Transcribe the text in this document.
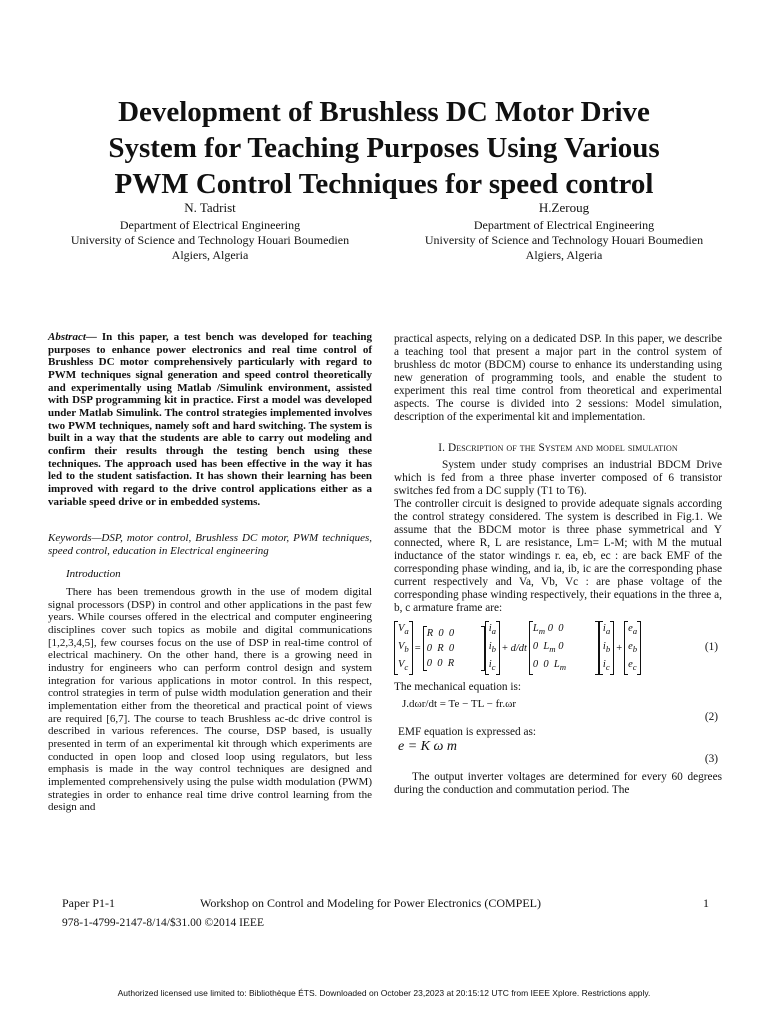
Development of Brushless DC Motor Drive
System for Teaching Purposes Using Various
PWM Control Techniques for speed control
N. Tadrist
Department of Electrical Engineering
University of Science and Technology Houari Boumedien
Algiers, Algeria
H.Zeroug
Department of Electrical Engineering
University of Science and Technology Houari Boumedien
Algiers, Algeria

Abstract— In this paper, a test bench was developed for teaching purposes to enhance power electronics and real time control of Brushless DC motor comprehensively particularly with regard to PWM techniques signal generation and speed control theoretically and experimentally using Matlab /Simulink environment, assisted with DSP programming kit in practice. First a model was developed under Matlab Simulink. The control strategies implemented involves two PWM techniques, namely soft and hard switching. The system is built in a way that the students are able to carry out modeling and confirm their results through the testing bench using these techniques. The approach used has been effective in the way it has led to the student satisfaction. It has shown their learning has been improved with regard to the drive control applications either as a variable speed drive or in embedded systems.

Keywords—DSP, motor control, Brushless DC motor, PWM techniques, speed control, education in Electrical engineering

Introduction

There has been tremendous growth in the use of modem digital signal processors (DSP) in control and other applications in the past few years. While courses offered in the electrical and computer engineering disciplines cover such topics as mobile and digital communications [1,2,3,4,5], few courses focus on the use of DSP in real-time control of electrical machinery. On the other hand, there is a growing need in industry for engineers who can perform control design and system integration for various applications in motor control. In this respect, control strategies in term of pulse width modulation generation and their implementation either from the theoretical and practical point of views are required [6,7]. The course to teach Brushless ac-dc drive control is described in various references. The course, DSP based, is usually presented in term of an experimental kit through which experiments are conducted in open loop and closed loop using regulators, but less emphasis is made in the way control techniques are designed and implemented comprehensively using the pulse width modulation (PWM) strategies in order to enhance real time drive control learning from the design and

practical aspects, relying on a dedicated DSP. In this paper, we describe a teaching tool that present a major part in the control system of brushless dc motor (BDCM) course to enhance its understanding using new generation of programming tools, and enable the student to experiment this real time control from theoretical and experimental aspects. The course is divided into 2 sessions: Model simulation, description of the experimental kit and implementation.

I. Description of the System and model simulation

System under study comprises an industrial BDCM Drive which is fed from a three phase inverter composed of 6 transistor switches fed from a DC supply (T1 to T6).

The controller circuit is designed to provide adequate signals according the control strategy considered. The system is described in Fig.1. We assume that the BDCM motor is three phase symmetrical and Y connected, where R, L are resistance, Lm= L-M; with M the mutual inductance of the stator windings r. ea, eb, ec : are back EMF of the corresponding phase winding, and ia, ib, ic are the corresponding phase current respectively and Va, Vb, Vc : are phase voltage of the corresponding phase winding respectively, their equations in the three a, b, c armature frame are:

$V_a$
$V_b$
$V_c=R$  0  0
0  R  0
0  0  $Ri_a$
$i_b$
$i_c+ d/dtL_m$ 0  0
0  $L_m$ 0
0  0  $L_mi_a$
$i_b$
$i_c+e_a$
$e_b$
$e_c$
(1)

The mechanical equation is:

J.dωr/dt = Te − TL − fr.ωr
(2)

EMF equation is expressed as:

e = K ω m
(3)

The output inverter voltages are determined for every 60 degrees during the conduction and commutation period. The

Paper P1-1	Workshop on Control and Modeling for Power Electronics (COMPEL)	1
978-1-4799-2147-8/14/$31.00 ©2014 IEEE
Authorized licensed use limited to: Bibliothèque ÉTS. Downloaded on October 23,2023 at 20:15:12 UTC from IEEE Xplore. Restrictions apply.
